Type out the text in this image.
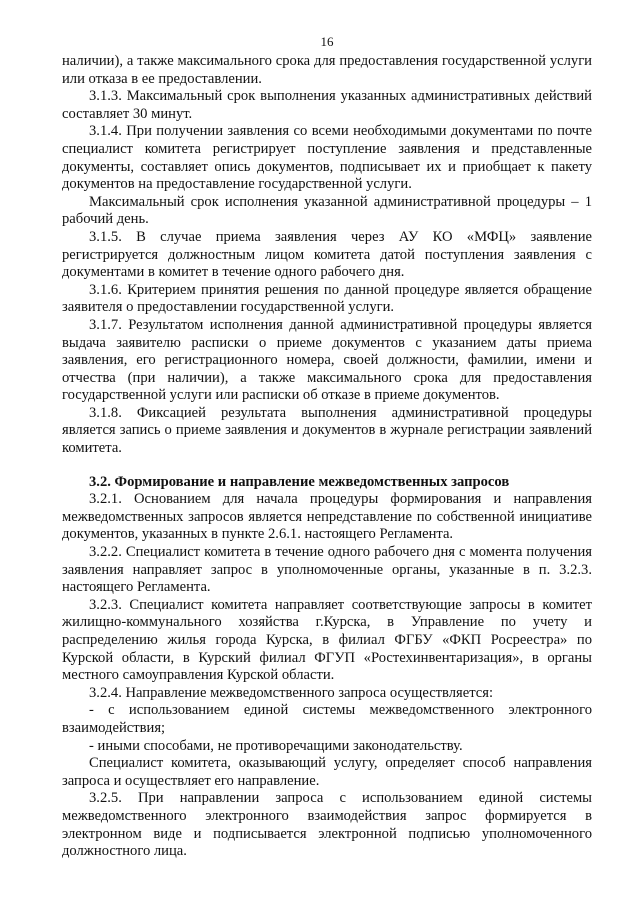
16

наличии), а также максимального срока для предоставления государственной услуги или отказа в ее предоставлении.

3.1.3. Максимальный срок выполнения указанных административных действий составляет 30 минут.

3.1.4. При получении заявления со всеми необходимыми документами по почте специалист комитета регистрирует поступление заявления и представленные документы, составляет опись документов, подписывает их и приобщает к пакету документов на предоставление государственной услуги.

Максимальный срок исполнения указанной административной процедуры – 1 рабочий день.

3.1.5. В случае приема заявления через АУ КО «МФЦ» заявление регистрируется должностным лицом комитета датой поступления заявления с документами в комитет в течение одного рабочего дня.

3.1.6. Критерием принятия решения по данной процедуре является обращение заявителя о предоставлении государственной услуги.

3.1.7. Результатом исполнения данной административной процедуры является выдача заявителю расписки о приеме документов с указанием даты приема заявления, его регистрационного номера, своей должности, фамилии, имени и отчества (при наличии), а также максимального срока для предоставления государственной услуги или расписки об отказе в приеме документов.

3.1.8. Фиксацией результата выполнения административной процедуры является запись о приеме заявления и документов в журнале регистрации заявлений комитета.

3.2. Формирование и направление межведомственных запросов

3.2.1. Основанием для начала процедуры формирования и направления межведомственных запросов является непредставление по собственной инициативе документов, указанных в пункте 2.6.1. настоящего Регламента.

3.2.2. Специалист комитета в течение одного рабочего дня с момента получения заявления направляет запрос в уполномоченные органы, указанные в п. 3.2.3. настоящего Регламента.

3.2.3. Специалист комитета направляет соответствующие запросы в комитет жилищно-коммунального хозяйства г.Курска, в Управление по учету и распределению жилья города Курска, в филиал ФГБУ «ФКП Росреестра» по Курской области, в Курский филиал ФГУП «Ростехинвентаризация», в органы местного самоуправления Курской области.

3.2.4. Направление межведомственного запроса осуществляется:

- с использованием единой системы межведомственного электронного взаимодействия;

- иными способами, не противоречащими законодательству.

Специалист комитета, оказывающий услугу, определяет способ направления запроса и осуществляет его направление.

3.2.5. При направлении запроса с использованием единой системы межведомственного электронного взаимодействия запрос формируется в электронном виде и подписывается электронной подписью уполномоченного должностного лица.
